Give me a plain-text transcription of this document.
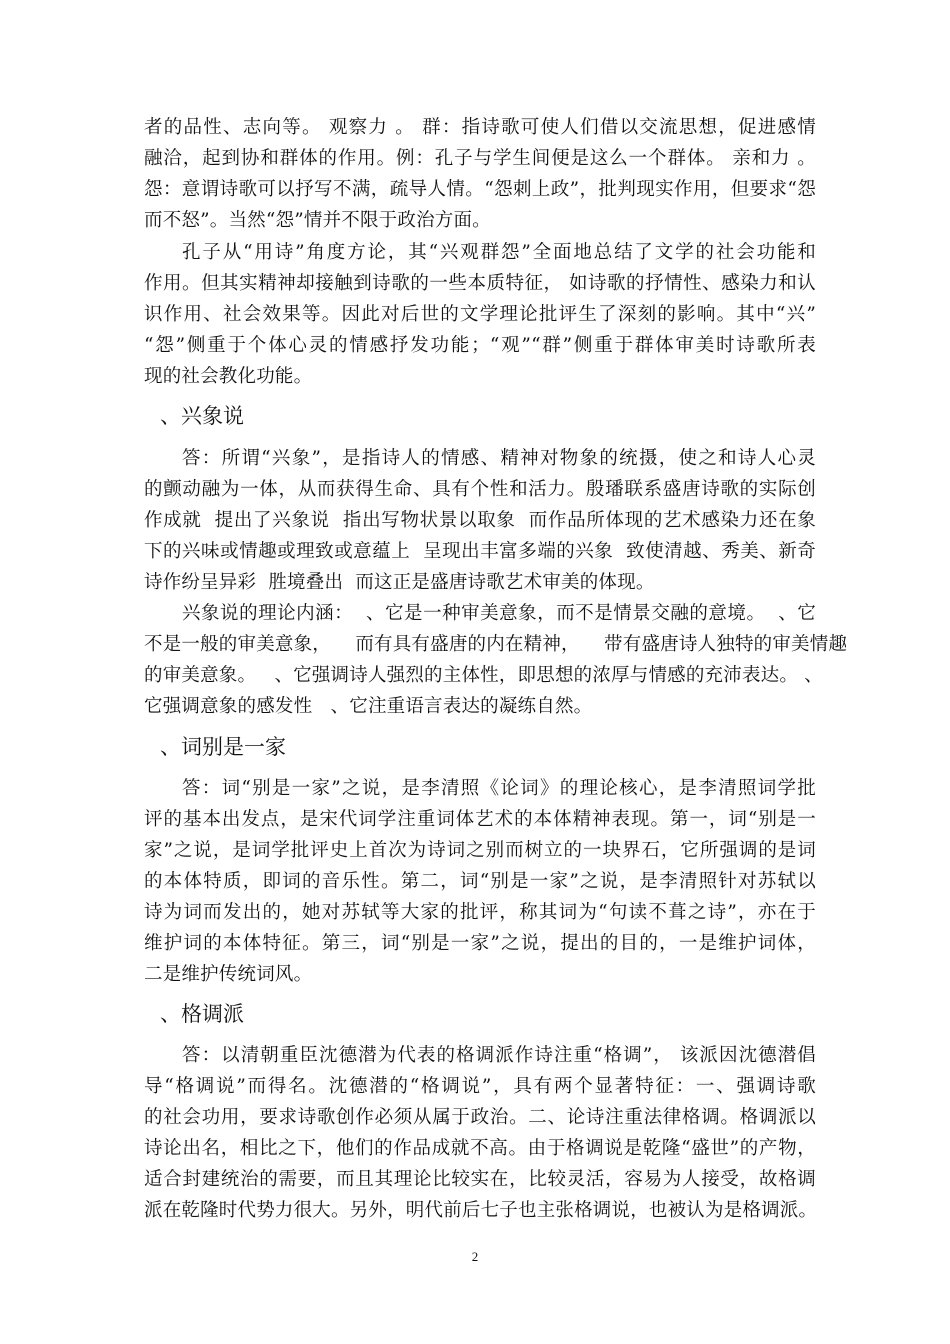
者的品性、志向等。 观察力 。 群：指诗歌可使人们借以交流思想，促进感情
融洽，起到协和群体的作用。例：孔子与学生间便是这么一个群体。 亲和力 。
怨：意谓诗歌可以抒写不满，疏导人情。“怨刺上政”，批判现实作用，但要求“怨
而不怒”。当然“怨”情并不限于政治方面。
孔子从“用诗”角度方论，其“兴观群怨”全面地总结了文学的社会功能和
作用。但其实精神却接触到诗歌的一些本质特征， 如诗歌的抒情性、感染力和认
识作用、社会效果等。因此对后世的文学理论批评生了深刻的影响。其中“兴”
“怨”侧重于个体心灵的情感抒发功能；“观”“群”侧重于群体审美时诗歌所表
现的社会教化功能。
、兴象说
答：所谓“兴象”，是指诗人的情感、精神对物象的统摄，使之和诗人心灵
的颤动融为一体，从而获得生命、具有个性和活力。殷璠联系盛唐诗歌的实际创
作成就  提出了兴象说  指出写物状景以取象  而作品所体现的艺术感染力还在象
下的兴味或情趣或理致或意蕴上  呈现出丰富多端的兴象  致使清越、秀美、新奇
诗作纷呈异彩  胜境叠出  而这正是盛唐诗歌艺术审美的体现。
兴象说的理论内涵：  、它是一种审美意象，而不是情景交融的意境。  、它
不是一般的审美意象，    而有具有盛唐的内在精神，    带有盛唐诗人独特的审美情趣
的审美意象。   、它强调诗人强烈的主体性，即思想的浓厚与情感的充沛表达。 、
它强调意象的感发性   、它注重语言表达的凝练自然。
、词别是一家
答：词“别是一家”之说，是李清照《论词》的理论核心，是李清照词学批
评的基本出发点，是宋代词学注重词体艺术的本体精神表现。第一，词“别是一
家”之说，是词学批评史上首次为诗词之别而树立的一块界石，它所强调的是词
的本体特质，即词的音乐性。第二，词“别是一家”之说，是李清照针对苏轼以
诗为词而发出的，她对苏轼等大家的批评，称其词为“句读不葺之诗”，亦在于
维护词的本体特征。第三，词“别是一家”之说，提出的目的，一是维护词体，
二是维护传统词风。
、格调派
答：以清朝重臣沈德潜为代表的格调派作诗注重“格调”， 该派因沈德潜倡
导“格调说”而得名。沈德潜的“格调说”，具有两个显著特征：一、强调诗歌
的社会功用，要求诗歌创作必须从属于政治。二、论诗注重法律格调。格调派以
诗论出名，相比之下，他们的作品成就不高。由于格调说是乾隆“盛世”的产物，
适合封建统治的需要，而且其理论比较实在，比较灵活，容易为人接受，故格调
派在乾隆时代势力很大。另外，明代前后七子也主张格调说，也被认为是格调派。
2
